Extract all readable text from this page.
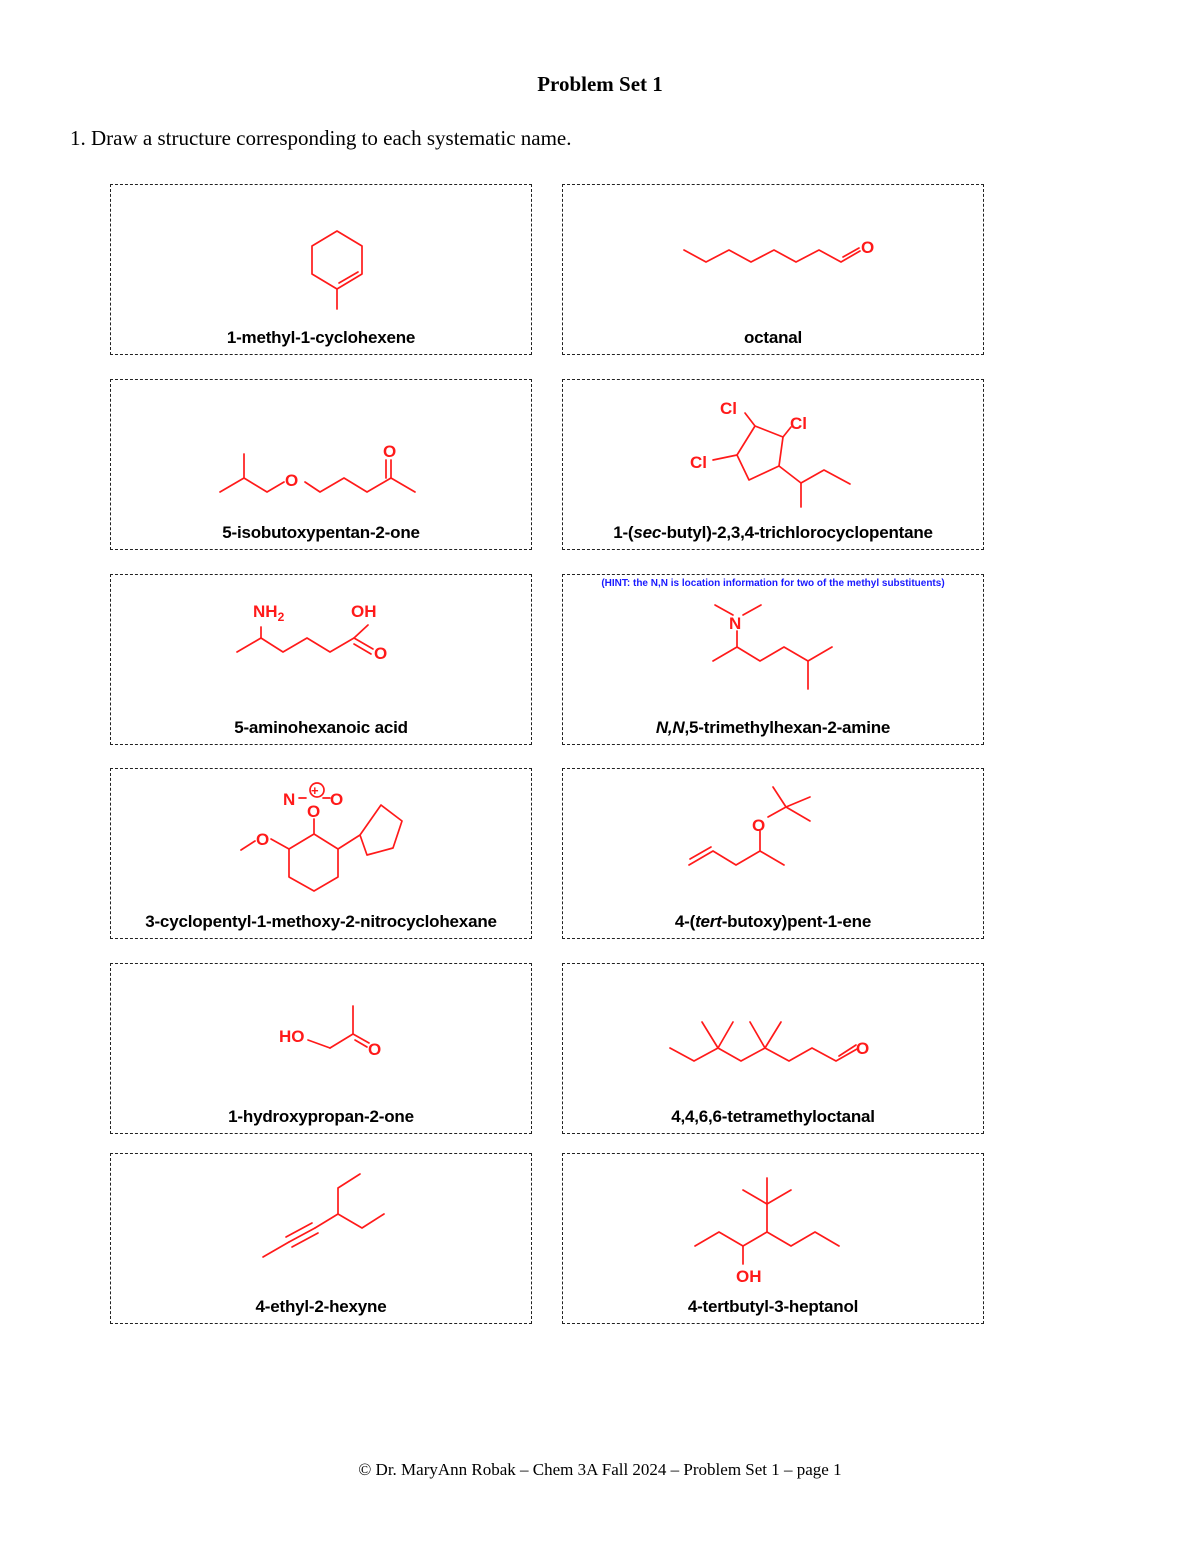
Problem Set 1
1. Draw a structure corresponding to each systematic name.
1-methyl-1-cyclohexene
O
octanal
O
O
5-isobutoxypentan-2-one
Cl
Cl
Cl
1-(sec-butyl)-2,3,4-trichlorocyclopentane
$NH_2$	OH
O
5-aminohexanoic acid
(HINT: the N,N is location information for two of the methyl substituents)
N
N,N,5-trimethylhexan-2-amine
N
O
O
+
O
3-cyclopentyl-1-methoxy-2-nitrocyclohexane
O
4-(tert-butoxy)pent-1-ene
HO
O
1-hydroxypropan-2-one
O
4,4,6,6-tetramethyloctanal
4-ethyl-2-hexyne
OH
4-tertbutyl-3-heptanol
© Dr. MaryAnn Robak – Chem 3A Fall 2024 – Problem Set 1 – page 1
